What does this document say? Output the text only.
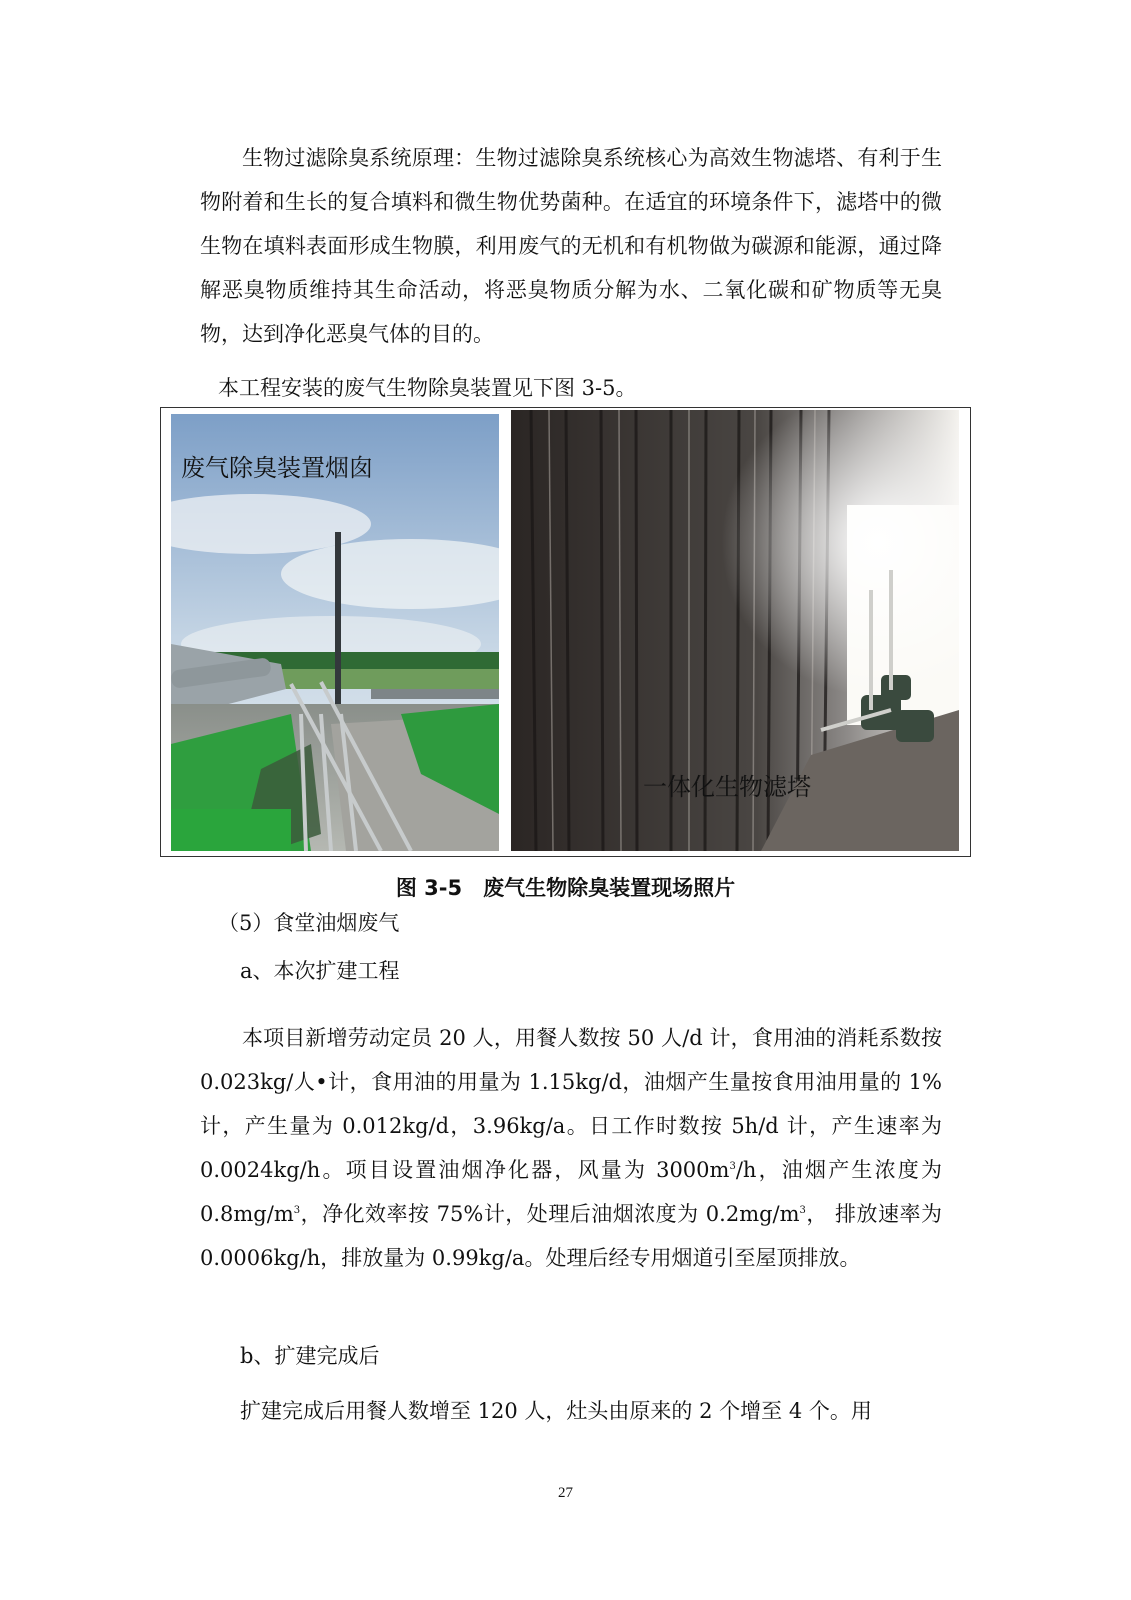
生物过滤除臭系统原理：生物过滤除臭系统核心为高效生物滤塔、有利于生物附着和生长的复合填料和微生物优势菌种。在适宜的环境条件下，滤塔中的微生物在填料表面形成生物膜，利用废气的无机和有机物做为碳源和能源，通过降解恶臭物质维持其生命活动，将恶臭物质分解为水、二氧化碳和矿物质等无臭物，达到净化恶臭气体的目的。

本工程安装的废气生物除臭装置见下图 3-5。

废气除臭装置烟囱
一体化生物滤塔
图 3-5　废气生物除臭装置现场照片

（5）食堂油烟废气

a、本次扩建工程

本项目新增劳动定员 20 人，用餐人数按 50 人/d 计，食用油的消耗系数按 0.023kg/人•计，食用油的用量为 1.15kg/d，油烟产生量按食用油用量的 1%计，产生量为 0.012kg/d，3.96kg/a。日工作时数按 5h/d 计，产生速率为 0.0024kg/h。项目设置油烟净化器，风量为 $3000m^3/h$，油烟产生浓度为 $0.8mg/m^3$，净化效率按 75%计，处理后油烟浓度为 $0.2mg/m^3$， 排放速率为 0.0006kg/h，排放量为 0.99kg/a。处理后经专用烟道引至屋顶排放。

b、扩建完成后

扩建完成后用餐人数增至 120 人，灶头由原来的 2 个增至 4 个。用

27
